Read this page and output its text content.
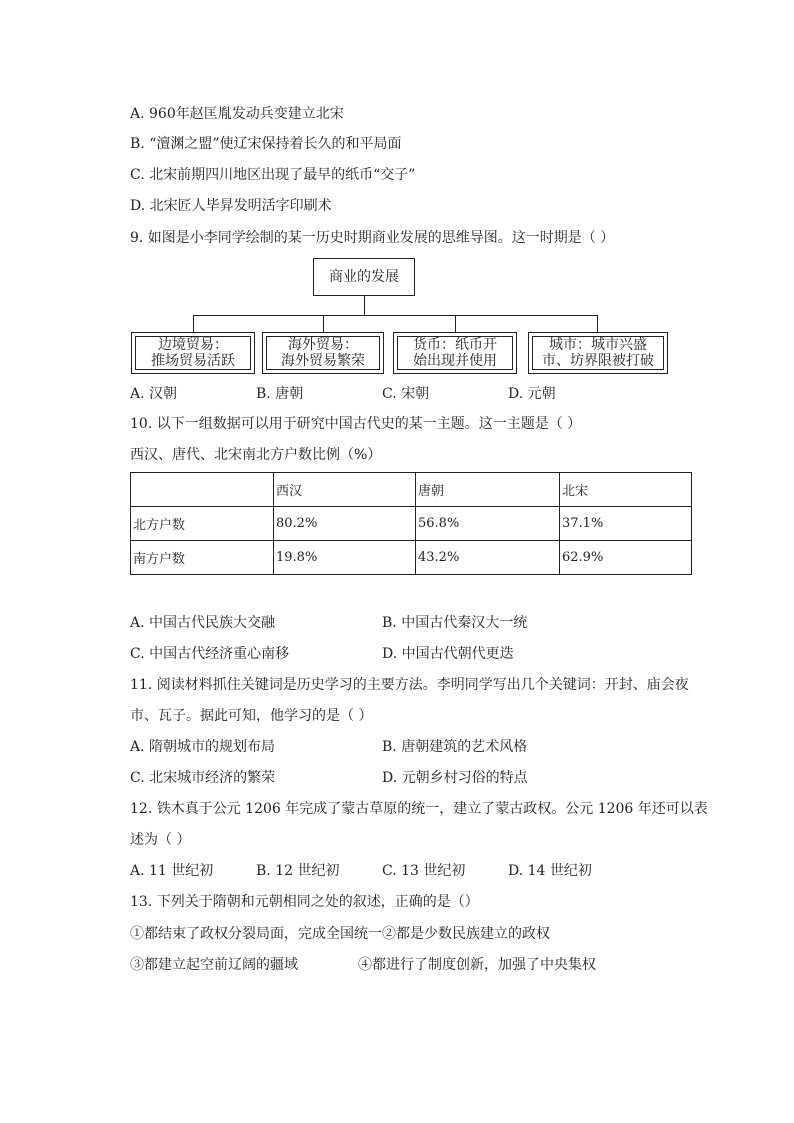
A. 960年赵匡胤发动兵变建立北宋
B. “澶渊之盟”使辽宋保持着长久的和平局面
C. 北宋前期四川地区出现了最早的纸币“交子”
D. 北宋匠人毕昇发明活字印刷术
9. 如图是小李同学绘制的某一历史时期商业发展的思维导图。这一时期是（ ）
商业的发展
边境贸易：
推场贸易活跃
海外贸易：
海外贸易繁荣
货币：纸币开
始出现并使用
城市：城市兴盛
市、坊界限被打破
A. 汉朝	B. 唐朝	C. 宋朝	D. 元朝
10. 以下一组数据可以用于研究中国古代史的某一主题。这一主题是（ ）
西汉、唐代、北宋南北方户数比例（%）
	西汉	唐朝	北宋
北方户数	80.2%	56.8%	37.1%
南方户数	19.8%	43.2%	62.9%
A. 中国古代民族大交融	B. 中国古代秦汉大一统
C. 中国古代经济重心南移	D. 中国古代朝代更迭
11. 阅读材料抓住关键词是历史学习的主要方法。李明同学写出几个关键词：开封、庙会夜
市、瓦子。据此可知，他学习的是（ ）
A. 隋朝城市的规划布局	B. 唐朝建筑的艺术风格
C. 北宋城市经济的繁荣	D. 元朝乡村习俗的特点
12. 铁木真于公元 1206 年完成了蒙古草原的统一，建立了蒙古政权。公元 1206 年还可以表
述为（ ）
A. 11 世纪初	B. 12 世纪初	C. 13 世纪初	D. 14 世纪初
13. 下列关于隋朝和元朝相同之处的叙述，正确的是（）
①都结束了政权分裂局面，完成全国统一②都是少数民族建立的政权
③都建立起空前辽阔的疆域	④都进行了制度创新，加强了中央集权
